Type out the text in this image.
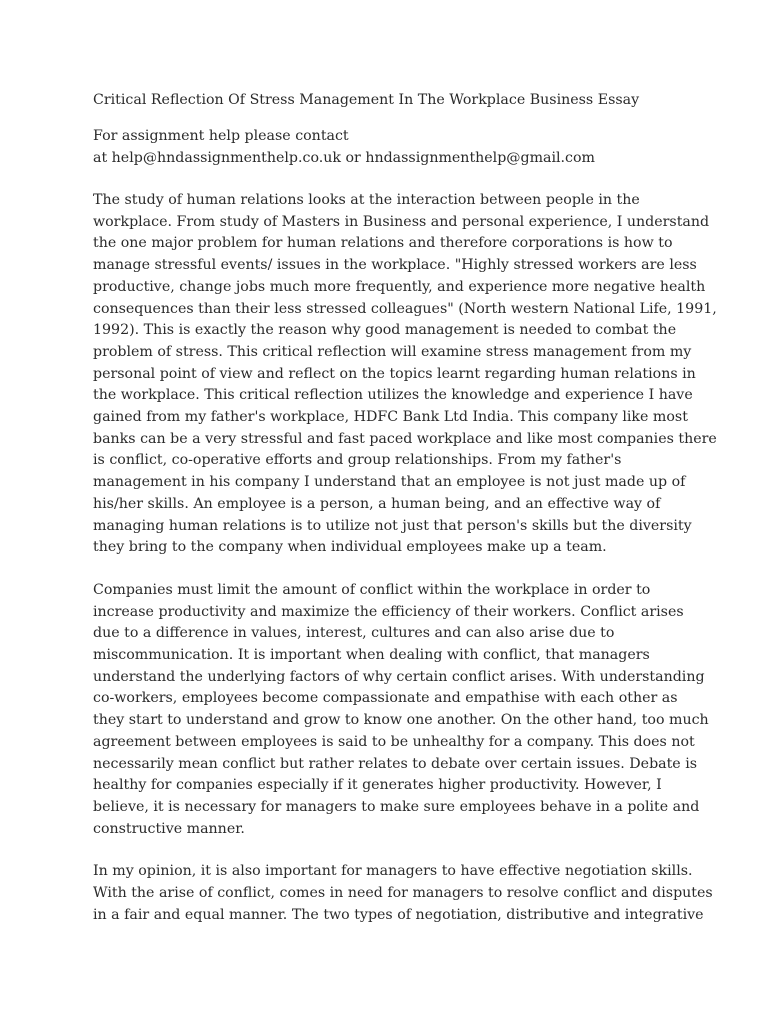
Critical Reflection Of Stress Management In The Workplace Business Essay
For assignment help please contact
at help@hndassignmenthelp.co.uk or hndassignmenthelp@gmail.com
The study of human relations looks at the interaction between people in the
workplace. From study of Masters in Business and personal experience, I understand
the one major problem for human relations and therefore corporations is how to
manage stressful events/ issues in the workplace. "Highly stressed workers are less
productive, change jobs much more frequently, and experience more negative health
consequences than their less stressed colleagues" (North western National Life, 1991,
1992). This is exactly the reason why good management is needed to combat the
problem of stress. This critical reflection will examine stress management from my
personal point of view and reflect on the topics learnt regarding human relations in
the workplace. This critical reflection utilizes the knowledge and experience I have
gained from my father's workplace, HDFC Bank Ltd India. This company like most
banks can be a very stressful and fast paced workplace and like most companies there
is conflict, co-operative efforts and group relationships. From my father's
management in his company I understand that an employee is not just made up of
his/her skills. An employee is a person, a human being, and an effective way of
managing human relations is to utilize not just that person's skills but the diversity
they bring to the company when individual employees make up a team.
Companies must limit the amount of conflict within the workplace in order to
increase productivity and maximize the efficiency of their workers. Conflict arises
due to a difference in values, interest, cultures and can also arise due to
miscommunication. It is important when dealing with conflict, that managers
understand the underlying factors of why certain conflict arises. With understanding
co-workers, employees become compassionate and empathise with each other as
they start to understand and grow to know one another. On the other hand, too much
agreement between employees is said to be unhealthy for a company. This does not
necessarily mean conflict but rather relates to debate over certain issues. Debate is
healthy for companies especially if it generates higher productivity. However, I
believe, it is necessary for managers to make sure employees behave in a polite and
constructive manner.
In my opinion, it is also important for managers to have effective negotiation skills.
With the arise of conflict, comes in need for managers to resolve conflict and disputes
in a fair and equal manner. The two types of negotiation, distributive and integrative
